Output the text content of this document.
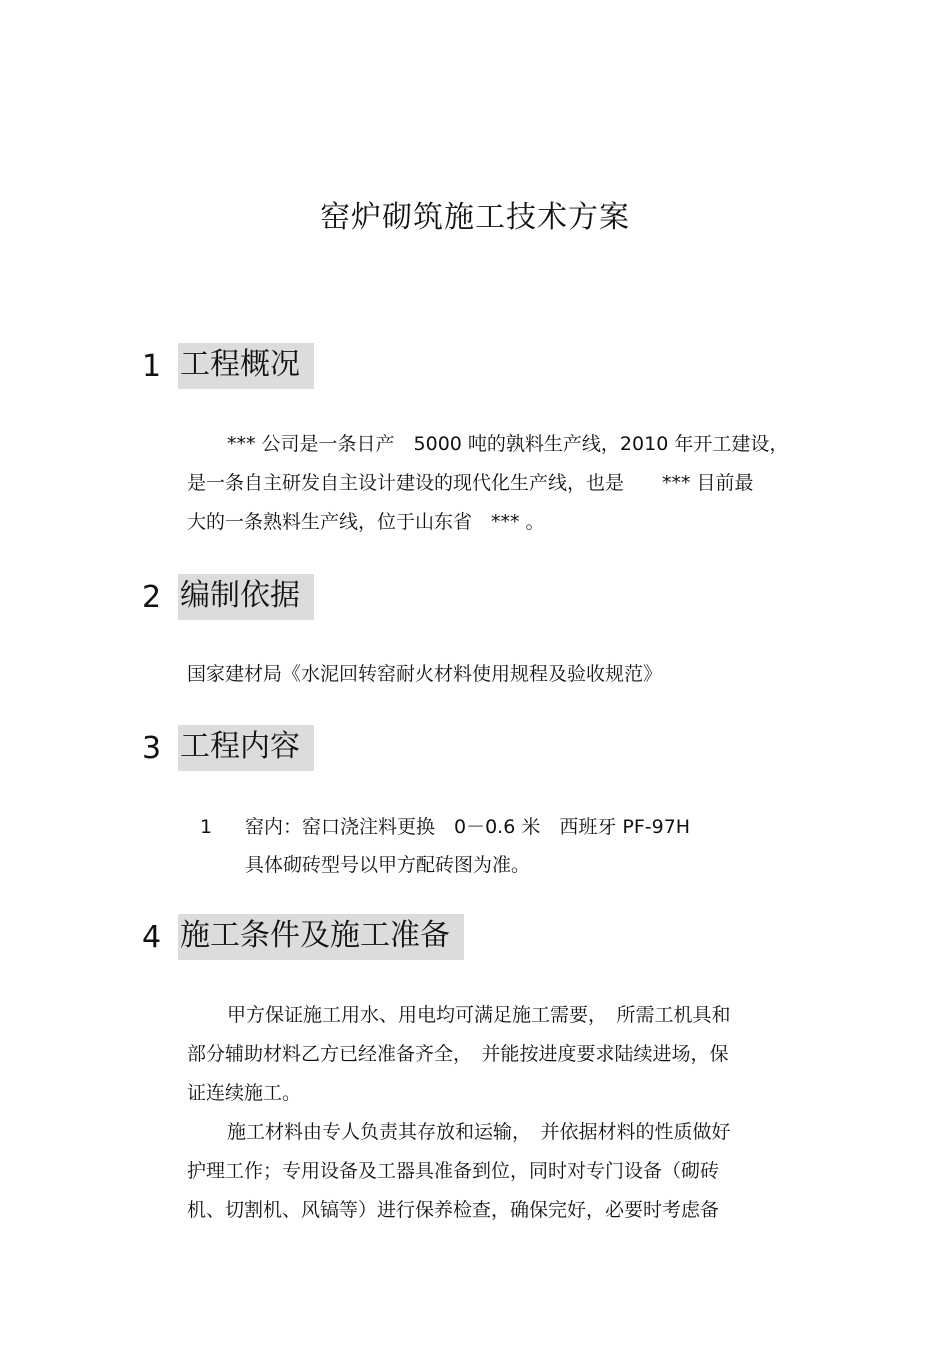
窑炉砌筑施工技术方案
1 工程概况
*** 公司是一条日产　5000 吨的孰料生产线，2010 年开工建设，
是一条自主研发自主设计建设的现代化生产线，也是　　*** 目前最
大的一条熟料生产线，位于山东省　*** 。
2 编制依据
国家建材局《水泥回转窑耐火材料使用规程及验收规范》
3 工程内容
1 窑内：窑口浇注料更换　0－0.6 米　西班牙 PF-97H
具体砌砖型号以甲方配砖图为准。
4 施工条件及施工准备
甲方保证施工用水、用电均可满足施工需要，　所需工机具和
部分辅助材料乙方已经准备齐全，　并能按进度要求陆续进场，保
证连续施工。
施工材料由专人负责其存放和运输，　并依据材料的性质做好
护理工作；专用设备及工器具准备到位，同时对专门设备（砌砖
机、切割机、风镐等）进行保养检查，确保完好，必要时考虑备
